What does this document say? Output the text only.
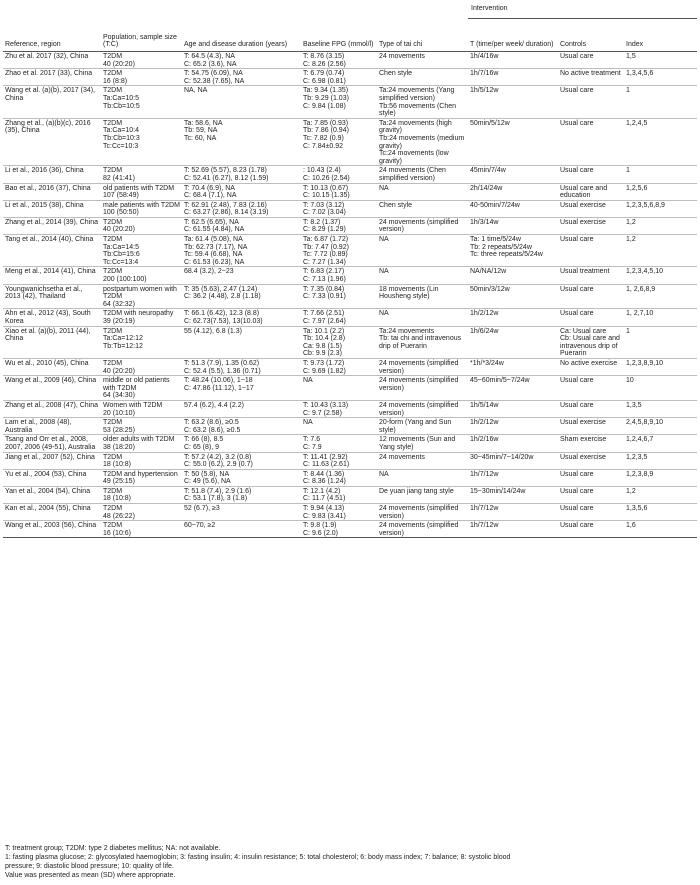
					Intervention		
Reference, region	Population, sample size (T:C)	Age and disease duration (years)	Baseline FPG (mmol/l)	Type of tai chi	T (time/per week/ duration)	Controls	Index

Zhu et al. 2017 (32), China	T2DM
40 (20:20)	T: 64.5 (4.3), NA
C: 65.2 (3.6), NA	T: 8.76 (3.15)
C: 8.26 (2.56)	24 movements	1h/4/16w	Usual care	1,5

Zhao et al. 2017 (33), China	T2DM
16 (8:8)	T: 54.75 (6.09), NA
C: 52.38 (7.65), NA	T: 6.79 (0.74)
C: 6.98 (0.81)	Chen style	1h/7/16w	No active treatment	1,3,4,5,6

Wang et al. (a)(b), 2017 (34), China	T2DM
Ta:Ca=10:5
Tb:Cb=10:5	NA, NA	Ta: 9.34 (1.35)
Tb: 9.29 (1.03)
C: 9.84 (1.08)	Ta:24 movements (Yang simplified version)
Tb:56 movements (Chen style)	1h/5/12w	Usual care	1

Zhang et al., (a)(b)(c), 2016 (35), China	T2DM
Ta:Ca=10:4
Tb:Cb=10:3
Tc:Cc=10:3	Ta: 58.6, NA
Tb: 59, NA
Tc: 60, NA	Ta: 7.85 (0.93)
Tb: 7.86 (0.94)
Tc: 7.82 (0.9)
C: 7.84±0.92	Ta:24 movements (high gravity)
Tb:24 movements (medium gravity)
Tc:24 movements (low gravity)	50min/5/12w	Usual care	1,2,4,5

Li et al., 2016 (36), China	T2DM
82 (41:41)	T: 52.69 (5.57), 8.23 (1.78)
C: 52.41 (6.27), 8.12 (1.59)	: 10.43 (2.4)
C: 10.26 (2.54)	24 movements (Chen simplified version)	45min/7/4w	Usual care	1

Bao et al., 2016 (37), China	old patients with T2DM
107 (58:49)	T: 70.4 (6.9), NA
C: 68.4 (7.1), NA	T: 10.13 (0.67)
C: 10.15 (1.35)	NA	2h/14/24w	Usual care and education	1,2,5,6

Li et al., 2015 (38), China	male patients with T2DM
100 (50:50)	T: 62.91 (2.48), 7.83 (2.16)
C: 63.27 (2.86), 8.14 (3.19)	T: 7.03 (3.12)
C: 7.02 (3.04)	Chen style	40-50min/7/24w	Usual exercise	1,2,3,5,6,8,9

Zhang et al., 2014 (39), China	T2DM
40 (20:20)	T: 62.5 (6.65), NA
C: 61.55 (4.84), NA	T: 8.2 (1.37)
C: 8.29 (1.29)	24 movements (simplified version)	1h/3/14w	Usual exercise	1,2

Tang et al., 2014 (40), China	T2DM
Ta:Ca=14:5
Tb:Cb=15:6
Tc:Cc=13:4	Ta: 61.4 (5.08), NA
Tb: 62.73 (7.17), NA
Tc: 59.4 (6.68), NA
C: 61.53 (6.23), NA	Ta: 6.87 (1.72)
Tb: 7.47 (0.92)
Tc: 7.72 (0.89)
C: 7.27 (1.34)	NA	Ta: 1 time/5/24w
Tb: 2 repeats/5/24w
Tc: three repeats/5/24w	Usual care	1,2

Meng et al., 2014 (41), China	T2DM
200 (100:100)	68.4 (3.2), 2~23	T: 6.83 (2.17)
C: 7.13 (1.96)	NA	NA/NA/12w	Usual treatment	1,2,3,4,5,10

Youngwanichsetha et al., 2013 (42), Thailand	postpartum women with T2DM
64 (32:32)	T: 35 (5.63), 2.47 (1.24)
C: 36.2 (4.48), 2.8 (1.18)	T: 7.35 (0.84)
C: 7.33 (0.91)	18 movements (Lin Housheng style)	50min/3/12w	Usual care	1, 2,6,8,9

Ahn et al., 2012 (43), South Korea	T2DM with neuropathy
39 (20:19)	T: 66.1 (6.42), 12.3 (8.8)
C: 62.73(7.53), 13(10.03)	T: 7.66 (2.51)
C: 7.97 (2.64)	NA	1h/2/12w	Usual care	1, 2,7,10

Xiao et al. (a)(b), 2011 (44), China	T2DM
Ta:Ca=12:12
Tb:Tb=12:12	55 (4.12), 6.8 (1.3)	Ta: 10.1 (2.2)
Tb: 10.4 (2.8)
Ca: 9.8 (1.5)
Cb: 9.9 (2.3)	Ta:24 movements
Tb: tai chi and intravenous drip of Puerarin	1h/6/24w	Ca: Usual care
Cb: Usual care and intravenous drip of Puerarin	1

Wu et al., 2010 (45), China	T2DM
40 (20:20)	T: 51.3 (7.9), 1.35 (0.62)
C: 52.4 (5.5), 1.36 (0.71)	T: 9.73 (1.72)
C: 9.69 (1.82)	24 movements (simplified version)	*1h/*3/24w	No active exercise	1,2,3,8,9,10

Wang et al., 2009 (46), China	middle or old patients with T2DM
64 (34:30)	T: 48.24 (10.06), 1~18
C: 47.86 (11.12), 1~17	NA	24 movements (simplified version)	45~60min/5~7/24w	Usual care	10

Zhang et al., 2008 (47), China	Women with T2DM
20 (10:10)	57.4 (6.2), 4.4 (2.2)	T: 10.43 (3.13)
C: 9.7 (2.58)	24 movements (simplified version)	1h/5/14w	Usual care	1,3,5

Lam et al., 2008 (48), Australia	T2DM
53 (28:25)	T: 63.2 (8.6), ≥0.5
C: 63.2 (8.6), ≥0.5	NA	20-form (Yang and Sun style)	1h/2/12w	Usual exercise	2,4,5,8,9,10

Tsang and Orr et al., 2008, 2007, 2006 (49-51), Australia	older adults with T2DM
38 (18:20)	T: 66 (8), 8.5
C: 65 (8), 9	T: 7.6
C: 7.9	12 movements (Sun and Yang style)	1h/2/16w	Sham exercise	1,2,4,6,7

Jiang et al., 2007 (52), China	T2DM
18 (10:8)	T: 57.2 (4.2), 3.2 (0.8)
C: 55.0 (6.2), 2.9 (0.7)	T: 11.41 (2.92)
C: 11.63 (2.61)	24 movements	30~45min/7~14/20w	Usual exercise	1,2,3,5

Yu et al., 2004 (53), China	T2DM and hypertension
49 (25:15)	T: 50 (5.8), NA
C: 49 (5.6), NA	T: 8.44 (1.36)
C: 8.36 (1.24)	NA	1h/7/12w	Usual care	1,2,3,8,9

Yan et al., 2004 (54), China	T2DM
18 (10:8)	T: 51.8 (7.4), 2.9 (1.6)
C: 53.1 (7.8), 3 (1.8)	T: 12.1 (4.2)
C: 11.7 (4.51)	De yuan jiang tang style	15~30min/14/24w	Usual care	1,2

Kan et al., 2004 (55), China	T2DM
48 (26:22)	52 (6.7), ≥3	T: 9.94 (4.13)
C: 9.83 (3.41)	24 movements (simplified version)	1h/7/12w	Usual care	1,3,5,6

Wang et al., 2003 (56), China	T2DM
16 (10:6)	60~70, ≥2	T: 9.8 (1.9)
C: 9.6 (2.0)	24 movements (simplified version)	1h/7/12w	Usual care	1,6
T: treatment group; T2DM: type 2 diabetes mellitus; NA: not available.
1: fasting plasma glucose; 2: glycosylated haemoglobin; 3: fasting insulin; 4: insulin resistance; 5: total cholesterol; 6: body mass index; 7: balance; 8: systolic blood
pressure; 9: diastolic blood pressure; 10: quality of life.
Value was presented as mean (SD) where appropriate.
